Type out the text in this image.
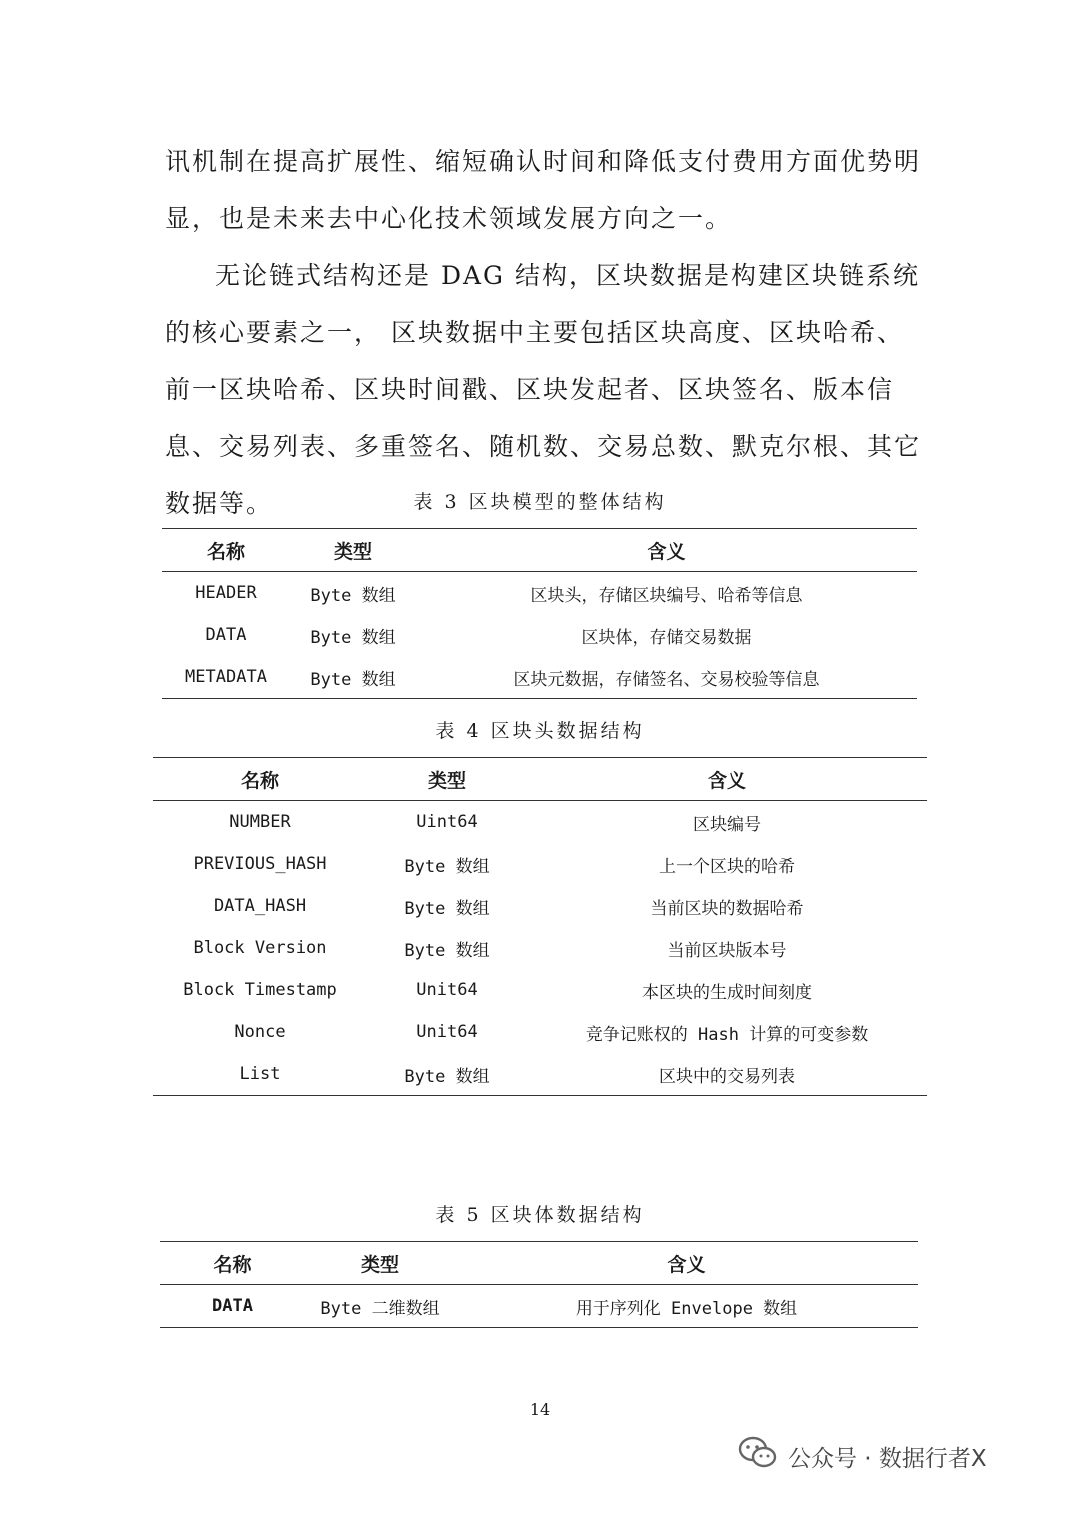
讯机制在提高扩展性、缩短确认时间和降低支付费用方面优势明显，也是未来去中心化技术领域发展方向之一。

无论链式结构还是 DAG 结构，区块数据是构建区块链系统的核心要素之一， 区块数据中主要包括区块高度、区块哈希、前一区块哈希、区块时间戳、区块发起者、区块签名、版本信息、交易列表、多重签名、随机数、交易总数、默克尔根、其它数据等。	表 3 区块模型的整体结构
名称	类型	含义
HEADER	Byte 数组	区块头，存储区块编号、哈希等信息
DATA	Byte 数组	区块体，存储交易数据
METADATA	Byte 数组	区块元数据，存储签名、交易校验等信息
表 4 区块头数据结构
名称	类型	含义
NUMBER	Uint64	区块编号
PREVIOUS_HASH	Byte 数组	上一个区块的哈希
DATA_HASH	Byte 数组	当前区块的数据哈希
Block Version	Byte 数组	当前区块版本号
Block Timestamp	Unit64	本区块的生成时间刻度
Nonce	Unit64	竞争记账权的 Hash 计算的可变参数
List	Byte 数组	区块中的交易列表
表 5 区块体数据结构
名称	类型	含义
DATA	Byte 二维数组	用于序列化 Envelope 数组
14
公众号 · 数据行者X
